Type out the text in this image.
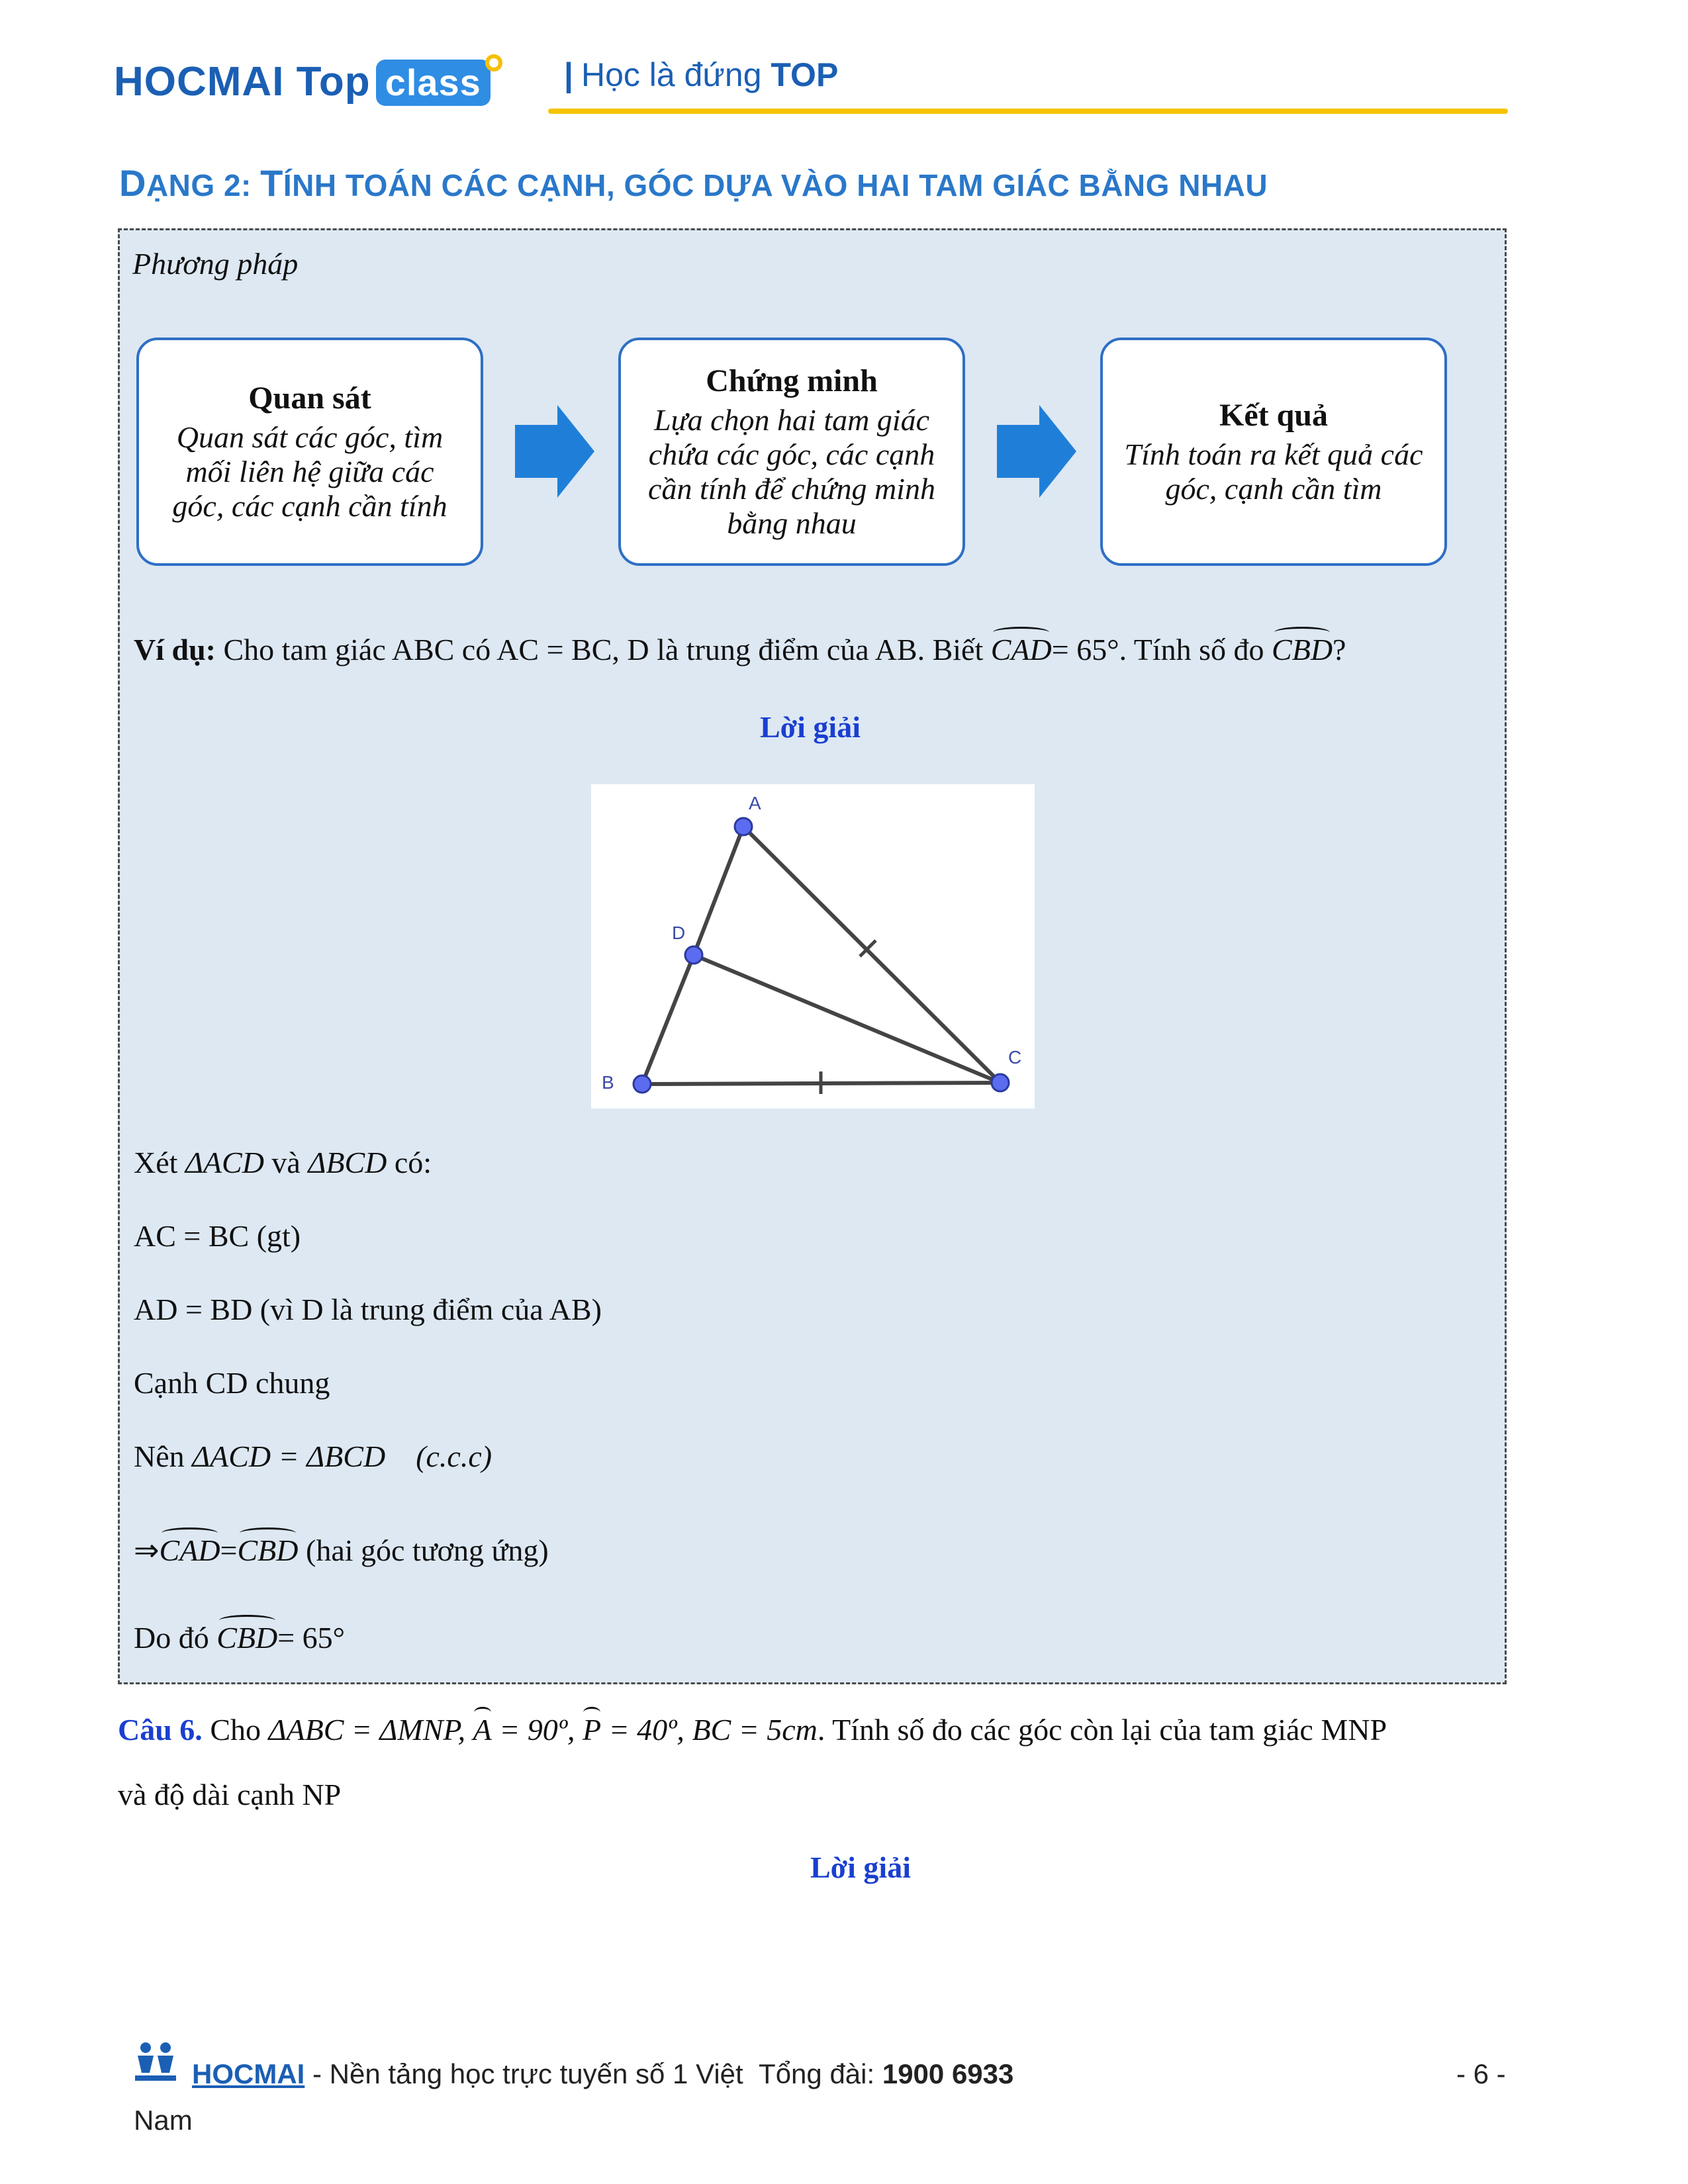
HOCMAI Top class	| Học là đứng TOP
DẠNG 2: TÍNH TOÁN CÁC CẠNH, GÓC DỰA VÀO HAI TAM GIÁC BẰNG NHAU
Phương pháp
Quan sát
Quan sát các góc, tìm mối liên hệ giữa các góc, các cạnh cần tính
Chứng minh
Lựa chọn hai tam giác chứa các góc, các cạnh cần tính để chứng minh bằng nhau
Kết quả
Tính toán ra kết quả các góc, cạnh cần tìm
Ví dụ: Cho tam giác ABC có AC = BC, D là trung điểm của AB. Biết CAD= 65°. Tính số đo CBD?
Lời giải
A
D
B
C
Xét ΔACD và ΔBCD có:
AC = BC (gt)
AD = BD (vì D là trung điểm của AB)
Cạnh CD chung
Nên ΔACD = ΔBCD (c.c.c)
⇒CAD=CBD (hai góc tương ứng)
Do đó CBD= 65°
Câu 6. Cho ΔABC = ΔMNP, A = 90º, P = 40º, BC = 5cm. Tính số đo các góc còn lại của tam giác MNP
và độ dài cạnh NP
Lời giải
HOCMAI - Nền tảng học trực tuyến số 1 Việt Tổng đài: 1900 6933
Nam
- 6 -
